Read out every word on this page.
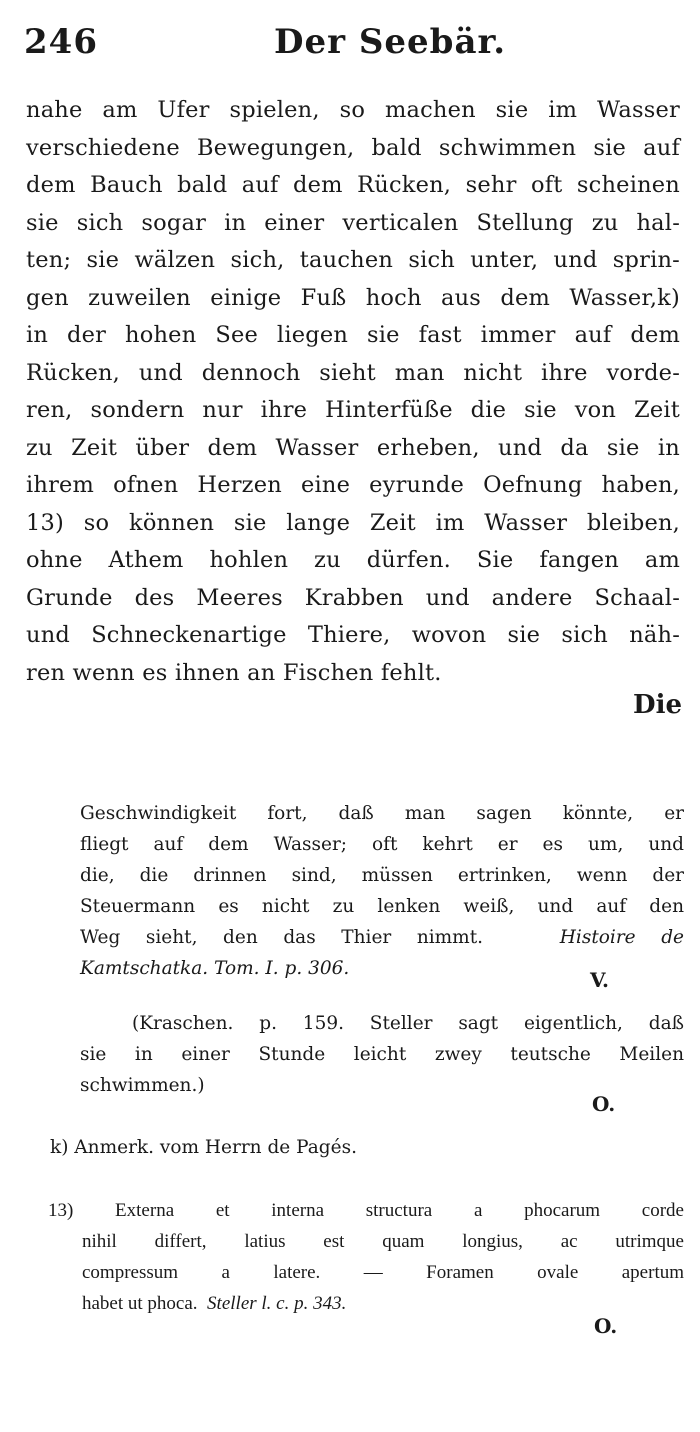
246	Der Seebär.
nahe am Ufer spielen, so machen sie im Wasser
verschiedene Bewegungen, bald schwimmen sie auf
dem Bauch bald auf dem Rücken, sehr oft scheinen
sie sich sogar in einer verticalen Stellung zu hal-
ten; sie wälzen sich, tauchen sich unter, und sprin-
gen zuweilen einige Fuß hoch aus dem Wasser,k)
in der hohen See liegen sie fast immer auf dem
Rücken, und dennoch sieht man nicht ihre vorde-
ren, sondern nur ihre Hinterfüße die sie von Zeit
zu Zeit über dem Wasser erheben, und da sie in
ihrem ofnen Herzen eine eyrunde Oefnung haben,
13) so können sie lange Zeit im Wasser bleiben,
ohne Athem hohlen zu dürfen. Sie fangen am
Grunde des Meeres Krabben und andere Schaal-
und Schneckenartige Thiere, wovon sie sich näh-
ren wenn es ihnen an Fischen fehlt.
Die
Geschwindigkeit fort, daß man sagen könnte, er
fliegt auf dem Wasser; oft kehrt er es um, und
die, die drinnen sind, müssen ertrinken, wenn der
Steuermann es nicht zu lenken weiß, und auf den
Weg sieht, den das Thier nimmt.	Histoire de
Kamtschatka. Tom. I. p. 306.	V.
(Kraschen. p. 159. Steller sagt eigentlich, daß
sie in einer Stunde leicht zwey teutsche Meilen
schwimmen.)
O.
k) Anmerk. vom Herrn de Pagés.
13) Externa et interna structura a phocarum corde
nihil differt, latius est quam longius, ac utrimque
compressum a latere. — Foramen ovale apertum
habet ut phoca. Steller l. c. p. 343.
O.
